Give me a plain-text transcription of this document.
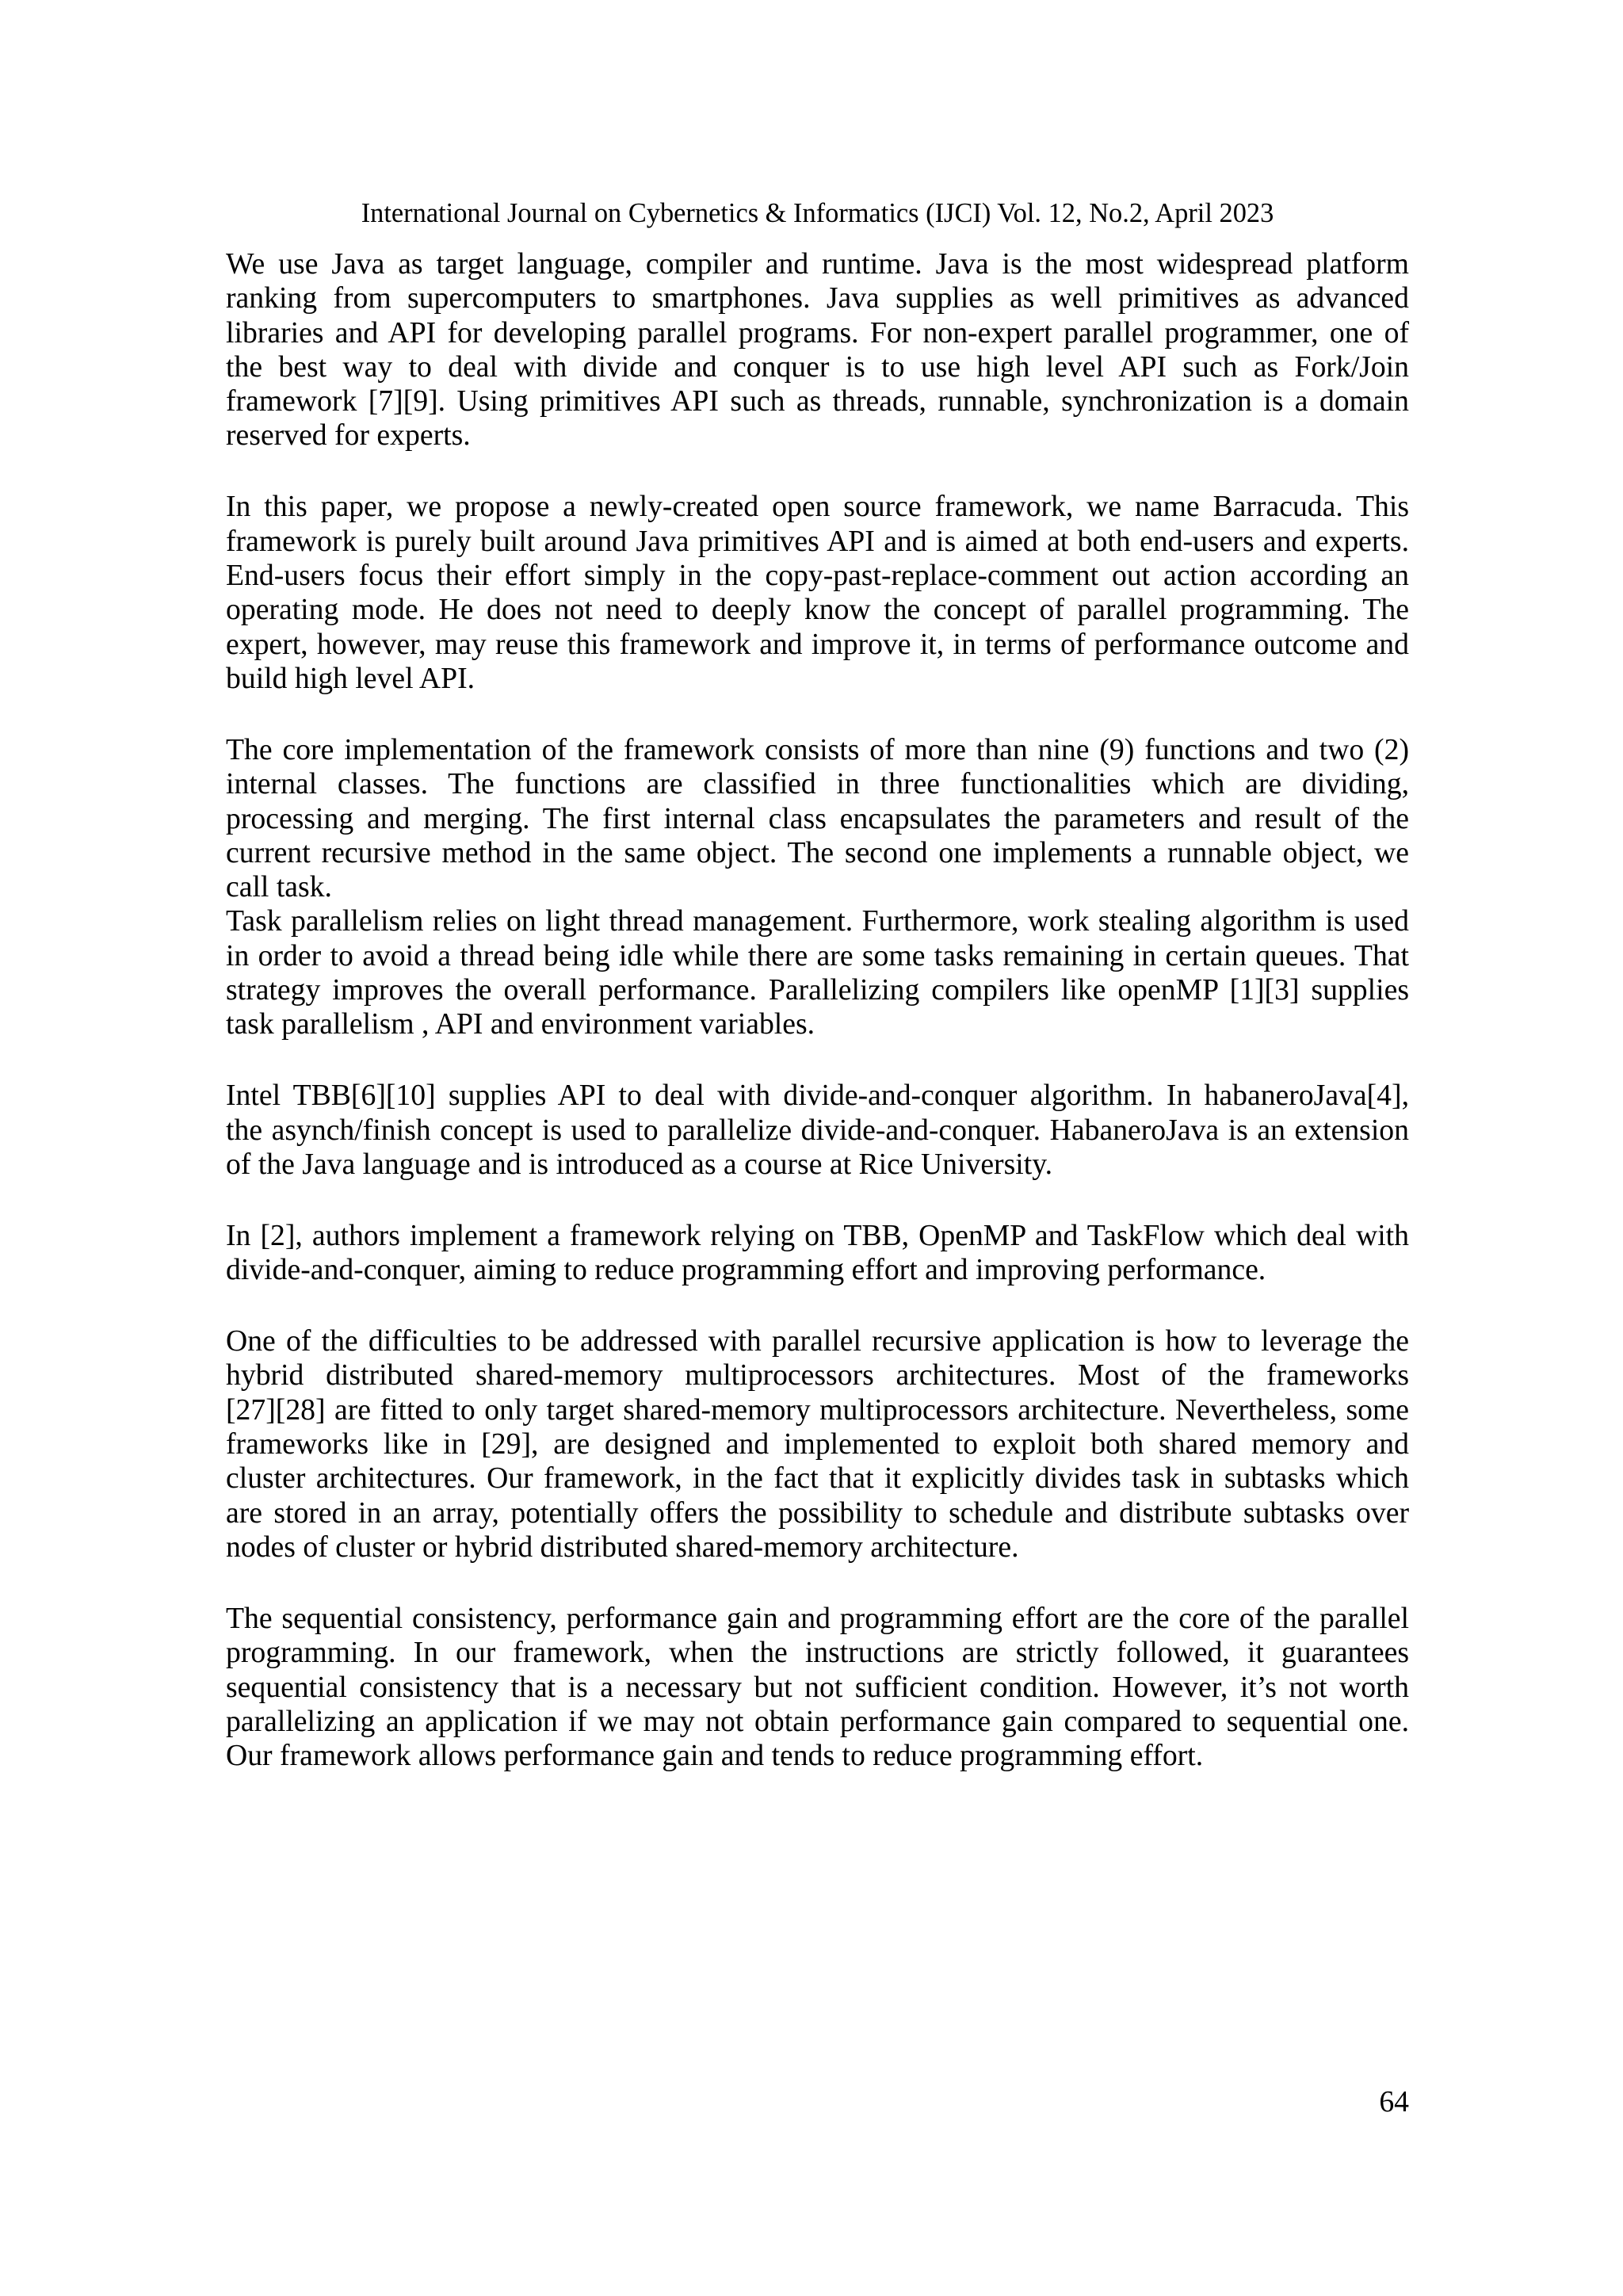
International Journal on Cybernetics & Informatics (IJCI) Vol. 12, No.2, April 2023
We use Java as target language, compiler and runtime. Java is the most widespread platform
ranking from supercomputers to smartphones. Java supplies as well primitives as advanced
libraries and API for developing parallel programs. For non-expert parallel programmer, one of
the best way to deal with divide and conquer is to use high level API such as Fork/Join
framework [7][9]. Using primitives API such as threads, runnable, synchronization is a domain
reserved for experts.
In this paper, we propose a newly-created open source framework, we name Barracuda. This
framework is purely built around Java primitives API and is aimed at both end-users and experts.
End-users focus their effort simply in the copy-past-replace-comment out action according an
operating mode. He does not need to deeply know the concept of parallel programming. The
expert, however, may reuse this framework and improve it, in terms of performance outcome and
build high level API.
The core implementation of the framework consists of more than nine (9) functions and two (2)
internal classes. The functions are classified in three functionalities which are dividing,
processing and merging. The first internal class encapsulates the parameters and result of the
current recursive method in the same object. The second one implements a runnable object, we
call task.
Task parallelism relies on light thread management. Furthermore, work stealing algorithm is used
in order to avoid a thread being idle while there are some tasks remaining in certain queues. That
strategy improves the overall performance. Parallelizing compilers like openMP [1][3] supplies
task parallelism , API and environment variables.
Intel TBB[6][10] supplies API to deal with divide-and-conquer algorithm. In habaneroJava[4],
the asynch/finish concept is used to parallelize divide-and-conquer. HabaneroJava is an extension
of the Java language and is introduced as a course at Rice University.
In [2], authors implement a framework relying on TBB, OpenMP and TaskFlow which deal with
divide-and-conquer, aiming to reduce programming effort and improving performance.
One of the difficulties to be addressed with parallel recursive application is how to leverage the
hybrid distributed shared-memory multiprocessors architectures. Most of the frameworks
[27][28] are fitted to only target shared-memory multiprocessors architecture. Nevertheless, some
frameworks like in [29], are designed and implemented to exploit both shared memory and
cluster architectures. Our framework, in the fact that it explicitly divides task in subtasks which
are stored in an array, potentially offers the possibility to schedule and distribute subtasks over
nodes of cluster or hybrid distributed shared-memory architecture.
The sequential consistency, performance gain and programming effort are the core of the parallel
programming. In our framework, when the instructions are strictly followed, it guarantees
sequential consistency that is a necessary but not sufficient condition. However, it’s not worth
parallelizing an application if we may not obtain performance gain compared to sequential one.
Our framework allows performance gain and tends to reduce programming effort.
64
